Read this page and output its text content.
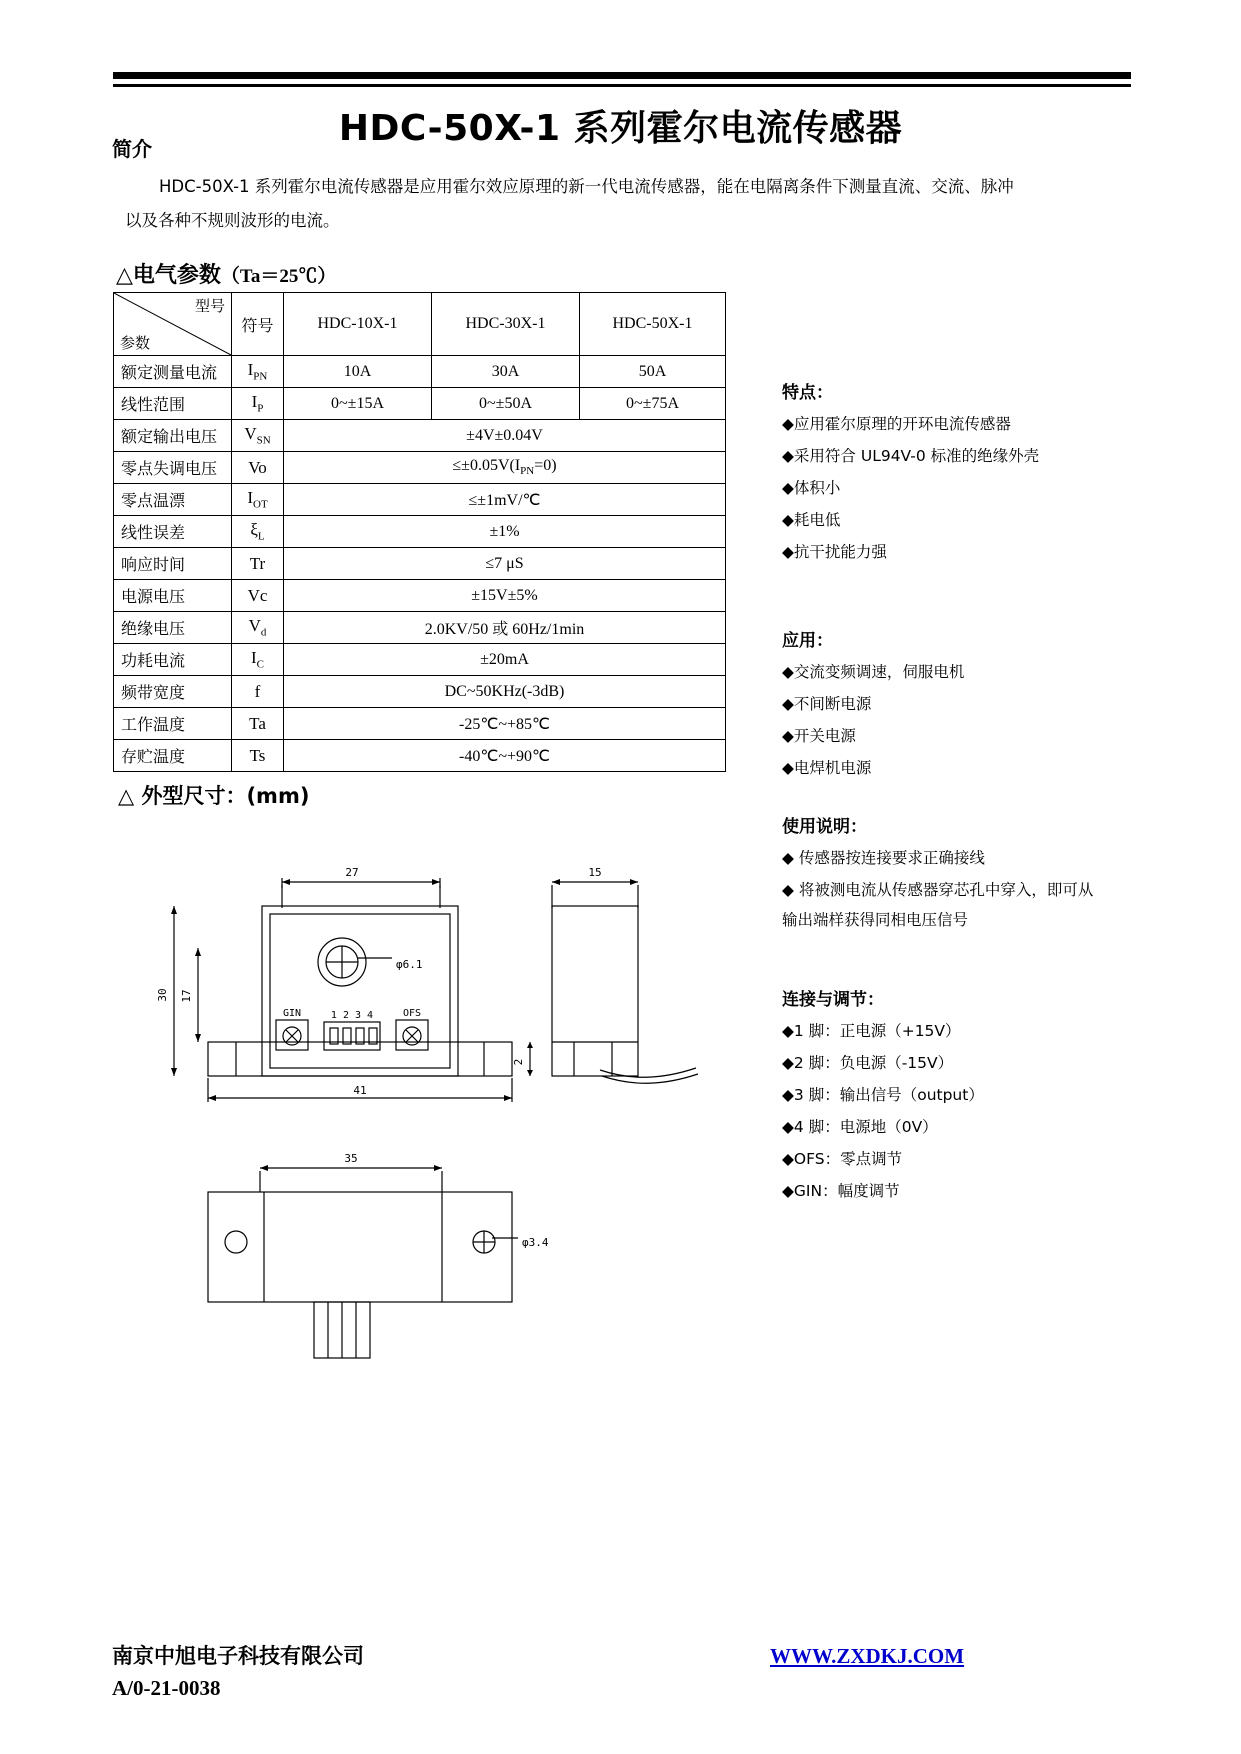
简介	HDC-50X-1 系列霍尔电流传感器
HDC-50X-1 系列霍尔电流传感器是应用霍尔效应原理的新一代电流传感器，能在电隔离条件下测量直流、交流、脉冲以及各种不规则波形的电流。
△电气参数（Ta＝25℃）
型号
参数	符号	HDC-10X-1	HDC-30X-1	HDC-50X-1
额定测量电流	$I_{PN}$	10A	30A	50A
线性范围	$I_P$	0~±15A	0~±50A	0~±75A
额定输出电压	$V_{SN}$	±4V±0.04V		
零点失调电压	Vo	$\le\pm 0.05V(I_{PN}=0)$		
零点温漂	$I_{OT}$	≤±1mV/℃		
线性误差	$\xi_L$	±1%		
响应时间	Tr	≤7 μS		
电源电压	Vc	±15V±5%		
绝缘电压	$V_d$	2.0KV/50 或 60Hz/1min		
功耗电流	$I_C$	±20mA		
频带宽度	f	DC~50KHz(-3dB)		
工作温度	Ta	-25℃~+85℃		
存贮温度	Ts	-40℃~+90℃		
△ 外型尺寸：(mm)
特点：

◆应用霍尔原理的开环电流传感器

◆采用符合 UL94V-0 标准的绝缘外壳

◆体积小

◆耗电低

◆抗干扰能力强

应用：

◆交流变频调速，伺服电机

◆不间断电源

◆开关电源

◆电焊机电源

使用说明：

◆ 传感器按连接要求正确接线

◆ 将被测电流从传感器穿芯孔中穿入，即可从输出端样获得同相电压信号

连接与调节：

◆1 脚：正电源（+15V）

◆2 脚：负电源（-15V）

◆3 脚：输出信号（output）

◆4 脚：电源地（0V）

◆OFS：零点调节

◆GIN：幅度调节

27
φ6.1
30 17
41
GIN	1 2 3 4	OFS
2
15
35
φ3.4
南京中旭电子科技有限公司
A/0-21-0038
WWW.ZXDKJ.COM
